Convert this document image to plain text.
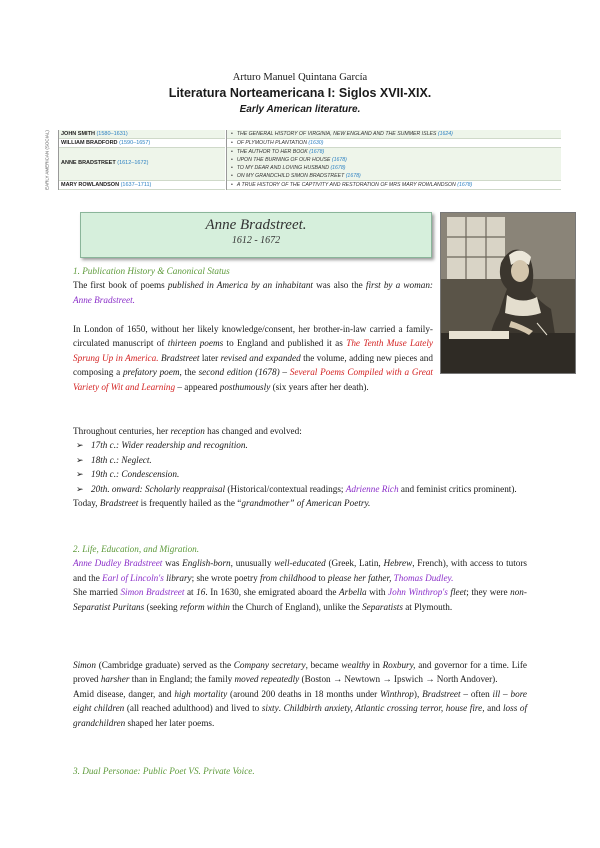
Arturo Manuel Quintana García
Literatura Norteamericana I: Siglos XVII-XIX.
Early American literature.
EARLY AMERICAN (SOCIAL) JOHN SMITH (1580–1631)
WILLIAM BRADFORD (1590–1657)
ANNE BRADSTREET (1612–1672)
MARY ROWLANDSON (1637–1711)
• THE GENERAL HISTORY OF VIRGINIA, NEW ENGLAND AND THE SUMMER ISLES (1624)
• OF PLYMOUTH PLANTATION (1630)
• THE AUTHOR TO HER BOOK (1678)
• UPON THE BURNING OF OUR HOUSE (1678)
• TO MY DEAR AND LOVING HUSBAND (1678)
• ON MY GRANDCHILD SIMON BRADSTREET (1678)
• A TRUE HISTORY OF THE CAPTIVITY AND RESTORATION OF MRS MARY ROWLANDSON (1678)
Anne Bradstreet.
1612 - 1672
1. Publication History & Canonical Status
The first book of poems published in America by an inhabitant was also the first by a woman: Anne Bradstreet.
In London of 1650, without her likely knowledge/consent, her brother-in-law carried a family-circulated manuscript of thirteen poems to England and published it as The Tenth Muse Lately Sprung Up in America. Bradstreet later revised and expanded the volume, adding new pieces and composing a prefatory poem, the second edition (1678) – Several Poems Compiled with a Great Variety of Wit and Learning – appeared posthumously (six years after her death).
Throughout centuries, her reception has changed and evolved:
➢ 17th c.: Wider readership and recognition.
➢ 18th c.: Neglect.
➢ 19th c.: Condescension.
➢ 20th. onward: Scholarly reappraisal (Historical/contextual readings; Adrienne Rich and feminist critics prominent).
Today, Bradstreet is frequently hailed as the “grandmother” of American Poetry.
2. Life, Education, and Migration.
Anne Dudley Bradstreet was English-born, unusually well-educated (Greek, Latin, Hebrew, French), with access to tutors and the Earl of Lincoln's library; she wrote poetry from childhood to please her father, Thomas Dudley.
She married Simon Bradstreet at 16. In 1630, she emigrated aboard the Arbella with John Winthrop's fleet; they were non-Separatist Puritans (seeking reform within the Church of England), unlike the Separatists at Plymouth.
Simon (Cambridge graduate) served as the Company secretary, became wealthy in Roxbury, and governor for a time. Life proved harsher than in England; the family moved repeatedly (Boston → Newtown → Ipswich → North Andover).
Amid disease, danger, and high mortality (around 200 deaths in 18 months under Winthrop), Bradstreet – often ill – bore eight children (all reached adulthood) and lived to sixty. Childbirth anxiety, Atlantic crossing terror, house fire, and loss of grandchildren shaped her later poems.
3. Dual Personae: Public Poet VS. Private Voice.
